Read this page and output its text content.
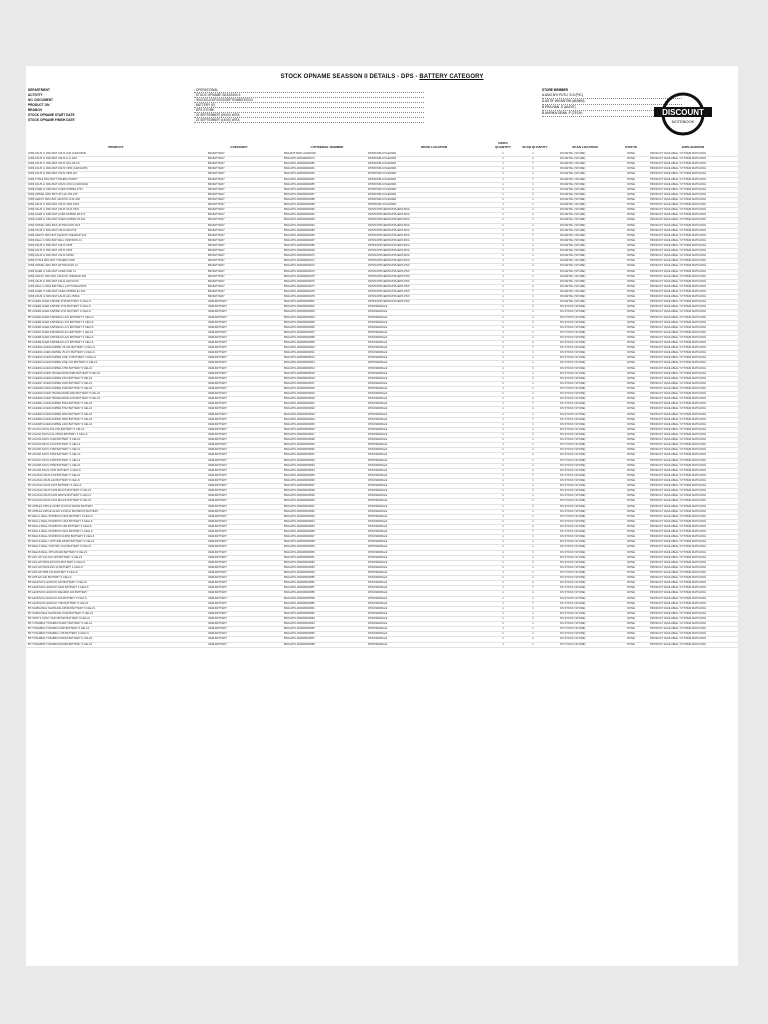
STOCK OPNAME SEASSON II DETAILS - DPS - BATTERY CATEGORY
DEPARTMENT	: OPERATIONAL
ACTIVITY	: STOCK OPNAME SEASSON II
NO. DOCUMENT	: 0002/SO-II/DPS/SO/SEPTEMBER/2024
PRODUCT ON	: BATTERY (E)
BRANCH	: DPS STORE
STOCK OPNAME START DATE	: 23 SEPTEMBER (09:00) WITA
STOCK OPNAME FINISH DATE	: 23 SEPTEMBER (15:00) WITA
STORE MEMBER
A.ANG.NYI PUTU .S.S (PIC)
A.ASTIF WIYANTINI (ADMIN)
B.PRA.NAN .S (AUDIT)
B.ANRIKA DEWA .P (TECH)	DISCOUNT
NOTEBOOK
PRODUCT	CATEGORY	LOT/SERIAL NUMBER	ODOO LOCATION
ODOO QUANTITY	SCAN QUANTITY	SCAN LOCATION	STATUS	EXPLANATION
[ORI] ASUS G SRG BAT ASUS G46 (A32N1506)	BR-BATTERY	BNA-BATTERY-A32N1506	DPS/DISPLAY/LEMARI	1	1	DS RETAIL (STORE)	DONE	PRODUCT AVAILABLE / SYSTEM MATCHING
[ORI] ASUS G SRG BAT ASUS G-LI-E46	BR-BATTERY	BNA-DPS-000000000974	DPS/DISPLAY/LEMARI	1	1	DS RETAIL (STORE)	DONE	PRODUCT AVAILABLE / SYSTEM MATCHING
[ORI] ASUS G SRG BAT ASUS G51-N6 AC	BR-BATTERY	BNA-DPS-000000000952	DPS/DISPLAY/LEMARI	1	1	DS RETAIL (STORE)	DONE	PRODUCT AVAILABLE / SYSTEM MATCHING
[ORI] ASUS G SRG BAT ASUS X450 (A32N1405)	BR-BATTERY	BNA-DPS-000000000961	DPS/DISPLAY/LEMARI	1	1	DS RETAIL (STORE)	DONE	PRODUCT AVAILABLE / SYSTEM MATCHING
[ORI] ASUS G SRG BAT ASUS X550 A/C	BR-BATTERY	BNA-DPS-000000000953	DPS/DISPLAY/LEMARI	1	1	DS RETAIL (STORE)	DONE	PRODUCT AVAILABLE / SYSTEM MATCHING
[ORI] TOSHI SRG BAT TOSHIBA PA3817	BR-BATTERY	BNA-DPS-000000000954	DPS/DISPLAY/LEMARI	1	1	DS RETAIL (STORE)	DONE	PRODUCT AVAILABLE / SYSTEM MATCHING
[ORI] ASUS G SRG BAT ASUS UX31 (C41N1602)	BR-BATTERY	BNA-DPS-000000000955	DPS/DISPLAY/LEMARI	1	1	DS RETAIL (STORE)	DONE	PRODUCT AVAILABLE / SYSTEM MATCHING
[ORI] ACER G SRG BAT ACER ASPIRE 4741	BR-BATTERY	BNA-DPS-000000000956	DPS/DISPLAY/LEMARI	1	1	DS RETAIL (STORE)	DONE	PRODUCT AVAILABLE / SYSTEM MATCHING
[ORI] HP/DEL SRG BAT HP 14A 15A 245	BR-BATTERY	BNA-DPS-000000000957	DPS/DISPLAY/LEMARI	1	1	DS RETAIL (STORE)	DONE	PRODUCT AVAILABLE / SYSTEM MATCHING
[ORI] LENOV SRG BAT LENOVO G40 G50	BR-BATTERY	BNA-DPS-000000000958	DPS/DISPLAY/LEMARI	1	1	DS RETAIL (STORE)	DONE	PRODUCT AVAILABLE / SYSTEM MATCHING
[ORI] ASUS G SRG BAT ASUS X200 X201	BR-BATTERY	BNA-DPS-000000000959	DPS/DISPLAY/LEMARI	1	1	DS RETAIL (STORE)	DONE	PRODUCT AVAILABLE / SYSTEM MATCHING
[ORI] ASUS G SRG BAT ASUS X441 X541	BR-BATTERY	BNA-DPS-000000000960	DPS/SUPPLIER/SUPPLIERS BUA	1	1	DS RETAIL (STORE)	DONE	PRODUCT AVAILABLE / SYSTEM MATCHING
[ORI] ACER G SRG BAT ACER ASPIRE E5-471	BR-BATTERY	BNA-DPS-000000000962	DPS/SUPPLIER/SUPPLIERS BUA	1	1	DS RETAIL (STORE)	DONE	PRODUCT AVAILABLE / SYSTEM MATCHING
[ORI] ACER G SRG BAT ACER ASPIRE V5-431	BR-BATTERY	BNA-DPS-000000000963	DPS/SUPPLIER/SUPPLIERS BUA	1	1	DS RETAIL (STORE)	DONE	PRODUCT AVAILABLE / SYSTEM MATCHING
[ORI] HP/DEL SRG BAT HP PAVILION DV4	BR-BATTERY	BNA-DPS-000000000964	DPS/SUPPLIER/SUPPLIERS BUA	1	1	DS RETAIL (STORE)	DONE	PRODUCT AVAILABLE / SYSTEM MATCHING
[ORI] ASUS G SRG BAT ASUS A32-K53	BR-BATTERY	BNA-DPS-000000000965	DPS/SUPPLIER/SUPPLIERS BUA	1	1	DS RETAIL (STORE)	DONE	PRODUCT AVAILABLE / SYSTEM MATCHING
[ORI] LENOV SRG BAT LENOVO IDEAPAD S10	BR-BATTERY	BNA-DPS-000000000966	DPS/SUPPLIER/SUPPLIERS BUA	1	1	DS RETAIL (STORE)	DONE	PRODUCT AVAILABLE / SYSTEM MATCHING
[ORI] DELL G SRG BAT DELL INSPIRON 14	BR-BATTERY	BNA-DPS-000000000967	DPS/SUPPLIER/SUPPLIERS BUA	1	1	DS RETAIL (STORE)	DONE	PRODUCT AVAILABLE / SYSTEM MATCHING
[ORI] ASUS G SRG BAT ASUS X455	BR-BATTERY	BNA-DPS-000000000968	DPS/SUPPLIER/SUPPLIERS BUA	1	1	DS RETAIL (STORE)	DONE	PRODUCT AVAILABLE / SYSTEM MATCHING
[ORI] ASUS G SRG BAT ASUS X453	BR-BATTERY	BNA-DPS-000000000969	DPS/SUPPLIER/SUPPLIERS BUA	1	1	DS RETAIL (STORE)	DONE	PRODUCT AVAILABLE / SYSTEM MATCHING
[ORI] ASUS G SRG BAT ASUS X450C	BR-BATTERY	BNA-DPS-000000000970	DPS/SUPPLIER/SUPPLIERS BUA	1	1	DS RETAIL (STORE)	DONE	PRODUCT AVAILABLE / SYSTEM MATCHING
[ORI] TOSHI SRG BAT TOSHIBA C600	BR-BATTERY	BNA-DPS-000000000971	DPS/SUPPLIER/SUPPLIERS BUA	1	1	DS RETAIL (STORE)	DONE	PRODUCT AVAILABLE / SYSTEM MATCHING
[ORI] HP/DEL SRG BAT HP PAVILION 14	BR-BATTERY	BNA-DPS-000000000972	DPS/SUPPLIER/SUPPLIERS PNX	1	1	DS RETAIL (STORE)	DONE	PRODUCT AVAILABLE / SYSTEM MATCHING
[ORI] ACER G SRG BAT ACER ONE 14	BR-BATTERY	BNA-DPS-000000000973	DPS/SUPPLIER/SUPPLIERS PNX	1	1	DS RETAIL (STORE)	DONE	PRODUCT AVAILABLE / SYSTEM MATCHING
[ORI] LENOV SRG BAT LENOVO IDEAPAD 320	BR-BATTERY	BNA-DPS-000000000975	DPS/SUPPLIER/SUPPLIERS PNX	1	1	DS RETAIL (STORE)	DONE	PRODUCT AVAILABLE / SYSTEM MATCHING
[ORI] ASUS G SRG BAT ASUS A31N1319	BR-BATTERY	BNA-DPS-000000000976	DPS/SUPPLIER/SUPPLIERS PNX	1	1	DS RETAIL (STORE)	DONE	PRODUCT AVAILABLE / SYSTEM MATCHING
[ORI] DELL G SRG BAT DELL LATITUDE E5440	BR-BATTERY	BNA-DPS-000000000977	DPS/SUPPLIER/SUPPLIERS PNX	1	1	DS RETAIL (STORE)	DONE	PRODUCT AVAILABLE / SYSTEM MATCHING
[ORI] ACER G SRG BAT ACER ASPIRE E1-431	BR-BATTERY	BNA-DPS-000000000978	DPS/SUPPLIER/SUPPLIERS PNX	1	1	DS RETAIL (STORE)	DONE	PRODUCT AVAILABLE / SYSTEM MATCHING
[ORI] ASUS G SRG BAT ASUS A41-X550A	BR-BATTERY	BNA-DPS-000000000979	DPS/SUPPLIER/SUPPLIERS PNX	1	1	DS RETAIL (STORE)	DONE	PRODUCT AVAILABLE / SYSTEM MATCHING
BT-ACER1 ACER ASPIRE 4738 BATTERY 6 CELLS	OEM-BATTERY	BNA-DPS-000000000801	DPS/SUPPLIER/SUPPLIERS PNX	1	1	DS RETAIL (STORE)	DONE	PRODUCT AVAILABLE / SYSTEM MATCHING
BT-ACER2 ACER ASPIRE 4740 BATTERY 6 CELLS	OEM-BATTERY	BNA-DPS-000000000802	DPS/OEM/Rack	1	1	DS STOCK (STORE)	DONE	PRODUCT AVAILABLE / SYSTEM MATCHING
BT-ACER3 ACER ASPIRE 4741 BATTERY 6 CELLS	OEM-BATTERY	BNA-DPS-000000000803	DPS/OEM/Rack	1	1	DS STOCK (STORE)	DONE	PRODUCT AVAILABLE / SYSTEM MATCHING
BT-ACER4 ACER ASPIRE E1-421 BATTERY 6 CELLS	OEM-BATTERY	BNA-DPS-000000000804	DPS/OEM/Rack	1	1	DS STOCK (STORE)	DONE	PRODUCT AVAILABLE / SYSTEM MATCHING
BT-ACER5 ACER ASPIRE E1-431 BATTERY 6 CELLS	OEM-BATTERY	BNA-DPS-000000000805	DPS/OEM/Rack	1	1	DS STOCK (STORE)	DONE	PRODUCT AVAILABLE / SYSTEM MATCHING
BT-ACER6 ACER ASPIRE E1-471 BATTERY 6 CELLS	OEM-BATTERY	BNA-DPS-000000000806	DPS/OEM/Rack	1	1	DS STOCK (STORE)	DONE	PRODUCT AVAILABLE / SYSTEM MATCHING
BT-ACER7 ACER ASPIRE E5-411 BATTERY 4 CELLS	OEM-BATTERY	BNA-DPS-000000000807	DPS/OEM/Rack	1	1	DS STOCK (STORE)	DONE	PRODUCT AVAILABLE / SYSTEM MATCHING
BT-ACER8 ACER ASPIRE E5-421 BATTERY 6 CELLS	OEM-BATTERY	BNA-DPS-000000000808	DPS/OEM/Rack	1	1	DS STOCK (STORE)	DONE	PRODUCT AVAILABLE / SYSTEM MATCHING
BT-ACER9 ACER ASPIRE E5-471 BATTERY 6 CELLS	OEM-BATTERY	BNA-DPS-000000000809	DPS/OEM/Rack	1	1	DS STOCK (STORE)	DONE	PRODUCT AVAILABLE / SYSTEM MATCHING
BT-ACER10 ACER ASPIRE V5-431 BATTERY 4 CELLS	OEM-BATTERY	BNA-DPS-000000000810	DPS/OEM/Rack	1	1	DS STOCK (STORE)	DONE	PRODUCT AVAILABLE / SYSTEM MATCHING
BT-ACER11 ACER ASPIRE V5-471 BATTERY 4 CELLS	OEM-BATTERY	BNA-DPS-000000000811	DPS/OEM/Rack	1	1	DS STOCK (STORE)	DONE	PRODUCT AVAILABLE / SYSTEM MATCHING
BT-ACER12 ACER ASPIRE ONE 14 BATTERY 3 CELLS	OEM-BATTERY	BNA-DPS-000000000812	DPS/OEM/Rack	1	1	DS STOCK (STORE)	DONE	PRODUCT AVAILABLE / SYSTEM MATCHING
BT-ACER13 ACER ASPIRE ONE 722 BATTERY 6 CELLS	OEM-BATTERY	BNA-DPS-000000000813	DPS/OEM/Rack	1	1	DS STOCK (STORE)	DONE	PRODUCT AVAILABLE / SYSTEM MATCHING
BT-ACER14 ACER ASPIRE 4750 BATTERY 6 CELLS	OEM-BATTERY	BNA-DPS-000000000814	DPS/OEM/Rack	1	1	DS STOCK (STORE)	DONE	PRODUCT AVAILABLE / SYSTEM MATCHING
BT-ACER15 ACER TRAVELMATE 8481 BATTERY 6 CELLS	OEM-BATTERY	BNA-DPS-000000000815	DPS/OEM/Rack	1	1	DS STOCK (STORE)	DONE	PRODUCT AVAILABLE / SYSTEM MATCHING
BT-ACER16 ACER ASPIRE 4310 BATTERY 6 CELLS	OEM-BATTERY	BNA-DPS-000000000816	DPS/OEM/Rack	1	1	DS STOCK (STORE)	DONE	PRODUCT AVAILABLE / SYSTEM MATCHING
BT-ACER17 ACER ASPIRE 4530 BATTERY 6 CELLS	OEM-BATTERY	BNA-DPS-000000000817	DPS/OEM/Rack	1	1	DS STOCK (STORE)	DONE	PRODUCT AVAILABLE / SYSTEM MATCHING
BT-ACER18 ACER ASPIRE 4920 BATTERY 6 CELLS	OEM-BATTERY	BNA-DPS-000000000818	DPS/OEM/Rack	1	1	DS STOCK (STORE)	DONE	PRODUCT AVAILABLE / SYSTEM MATCHING
BT-ACER19 ACER TRAVELMATE 4000 BATTERY 6 CELLS	OEM-BATTERY	BNA-DPS-000000000819	DPS/OEM/Rack	1	1	DS STOCK (STORE)	DONE	PRODUCT AVAILABLE / SYSTEM MATCHING
BT-ACER20 ACER TRAVELMATE 4720 BATTERY 6 CELLS	OEM-BATTERY	BNA-DPS-000000000820	DPS/OEM/Rack	1	1	DS STOCK (STORE)	DONE	PRODUCT AVAILABLE / SYSTEM MATCHING
BT-ACER21 ACER ASPIRE 5532 BATTERY 6 CELLS	OEM-BATTERY	BNA-DPS-000000000821	DPS/OEM/Rack	1	1	DS STOCK (STORE)	DONE	PRODUCT AVAILABLE / SYSTEM MATCHING
BT-ACER22 ACER ASPIRE 5742 BATTERY 6 CELLS	OEM-BATTERY	BNA-DPS-000000000822	DPS/OEM/Rack	1	1	DS STOCK (STORE)	DONE	PRODUCT AVAILABLE / SYSTEM MATCHING
BT-ACER23 ACER ASPIRE 3820 BATTERY 6 CELLS	OEM-BATTERY	BNA-DPS-000000000823	DPS/OEM/Rack	1	1	DS STOCK (STORE)	DONE	PRODUCT AVAILABLE / SYSTEM MATCHING
BT-ACER24 ACER ASPIRE 3830 BATTERY 6 CELLS	OEM-BATTERY	BNA-DPS-000000000824	DPS/OEM/Rack	1	1	DS STOCK (STORE)	DONE	PRODUCT AVAILABLE / SYSTEM MATCHING
BT-ACER25 ACER ASPIRE 1410 BATTERY 6 CELLS	OEM-BATTERY	BNA-DPS-000000000825	DPS/OEM/Rack	1	1	DS STOCK (STORE)	DONE	PRODUCT AVAILABLE / SYSTEM MATCHING
BT-ASUS1 ASUS A32-K53 BATTERY 6 CELLS	OEM-BATTERY	BNA-DPS-000000000826	DPS/OEM/Rack	1	1	DS STOCK (STORE)	DONE	PRODUCT AVAILABLE / SYSTEM MATCHING
BT-ASUS2 ASUS A41-X550A BATTERY 4 CELLS	OEM-BATTERY	BNA-DPS-000000000827	DPS/OEM/Rack	1	1	DS STOCK (STORE)	DONE	PRODUCT AVAILABLE / SYSTEM MATCHING
BT-ASUS3 ASUS X200 BATTERY 3 CELLS	OEM-BATTERY	BNA-DPS-000000000828	DPS/OEM/Rack	1	1	DS STOCK (STORE)	DONE	PRODUCT AVAILABLE / SYSTEM MATCHING
BT-ASUS4 ASUS X441 BATTERY 3 CELLS	OEM-BATTERY	BNA-DPS-000000000829	DPS/OEM/Rack	1	1	DS STOCK (STORE)	DONE	PRODUCT AVAILABLE / SYSTEM MATCHING
BT-ASUS5 ASUS X450 BATTERY 4 CELLS	OEM-BATTERY	BNA-DPS-000000000830	DPS/OEM/Rack	1	1	DS STOCK (STORE)	DONE	PRODUCT AVAILABLE / SYSTEM MATCHING
BT-ASUS6 ASUS X453 BATTERY 3 CELLS	OEM-BATTERY	BNA-DPS-000000000831	DPS/OEM/Rack	1	1	DS STOCK (STORE)	DONE	PRODUCT AVAILABLE / SYSTEM MATCHING
BT-ASUS7 ASUS X455 BATTERY 4 CELLS	OEM-BATTERY	BNA-DPS-000000000832	DPS/OEM/Rack	1	1	DS STOCK (STORE)	DONE	PRODUCT AVAILABLE / SYSTEM MATCHING
BT-ASUS8 ASUS X550 BATTERY 4 CELLS	OEM-BATTERY	BNA-DPS-000000000833	DPS/OEM/Rack	1	1	DS STOCK (STORE)	DONE	PRODUCT AVAILABLE / SYSTEM MATCHING
BT-ASUS9 ASUS UX31 BATTERY 4 CELLS	OEM-BATTERY	BNA-DPS-000000000834	DPS/OEM/Rack	1	1	DS STOCK (STORE)	DONE	PRODUCT AVAILABLE / SYSTEM MATCHING
BT-ASUS10 ASUS K43 BATTERY 6 CELLS	OEM-BATTERY	BNA-DPS-000000000835	DPS/OEM/Rack	1	1	DS STOCK (STORE)	DONE	PRODUCT AVAILABLE / SYSTEM MATCHING
BT-ASUS11 ASUS A43 BATTERY 6 CELLS	OEM-BATTERY	BNA-DPS-000000000836	DPS/OEM/Rack	1	1	DS STOCK (STORE)	DONE	PRODUCT AVAILABLE / SYSTEM MATCHING
BT-ASUS12 ASUS 1015 BATTERY 6 CELLS	OEM-BATTERY	BNA-DPS-000000000837	DPS/OEM/Rack	1	1	DS STOCK (STORE)	DONE	PRODUCT AVAILABLE / SYSTEM MATCHING
BT-ASUS13 ASUS 1025 BLACK BATTERY 6 CELLS	OEM-BATTERY	BNA-DPS-000000000838	DPS/OEM/Rack	1	1	DS STOCK (STORE)	DONE	PRODUCT AVAILABLE / SYSTEM MATCHING
BT-ASUS14 ASUS 1025 WHITE BATTERY 6 CELLS	OEM-BATTERY	BNA-DPS-000000000839	DPS/OEM/Rack	1	1	DS STOCK (STORE)	DONE	PRODUCT AVAILABLE / SYSTEM MATCHING
BT-ASUS15 ASUS 1215 BLACK BATTERY 6 CELLS	OEM-BATTERY	BNA-DPS-000000000840	DPS/OEM/Rack	1	1	DS STOCK (STORE)	DONE	PRODUCT AVAILABLE / SYSTEM MATCHING
BT-APPLE1 APPLE A1185 13 INCH WHITE BATTERY	OEM-BATTERY	BNA-DPS-000000000841	DPS/OEM/Rack	1	1	DS STOCK (STORE)	DONE	PRODUCT AVAILABLE / SYSTEM MATCHING
BT-APPLE2 APPLE A1322 13 INCH MACBOOK BATTERY	OEM-BATTERY	BNA-DPS-000000000842	DPS/OEM/Rack	1	1	DS STOCK (STORE)	DONE	PRODUCT AVAILABLE / SYSTEM MATCHING
BT-DELL1 DELL INSPIRON 1420 BATTERY 6 CELLS	OEM-BATTERY	BNA-DPS-000000000843	DPS/OEM/Rack	1	1	DS STOCK (STORE)	DONE	PRODUCT AVAILABLE / SYSTEM MATCHING
BT-DELL2 DELL INSPIRON 1464 BATTERY 6 CELLS	OEM-BATTERY	BNA-DPS-000000000844	DPS/OEM/Rack	1	1	DS STOCK (STORE)	DONE	PRODUCT AVAILABLE / SYSTEM MATCHING
BT-DELL3 DELL INSPIRON 14R BATTERY 6 CELLS	OEM-BATTERY	BNA-DPS-000000000845	DPS/OEM/Rack	1	1	DS STOCK (STORE)	DONE	PRODUCT AVAILABLE / SYSTEM MATCHING
BT-DELL4 DELL INSPIRON 3421 BATTERY 4 CELLS	OEM-BATTERY	BNA-DPS-000000000846	DPS/OEM/Rack	1	1	DS STOCK (STORE)	DONE	PRODUCT AVAILABLE / SYSTEM MATCHING
BT-DELL5 DELL INSPIRON N4050 BATTERY 6 CELLS	OEM-BATTERY	BNA-DPS-000000000847	DPS/OEM/Rack	1	1	DS STOCK (STORE)	DONE	PRODUCT AVAILABLE / SYSTEM MATCHING
BT-DELL6 DELL LATITUDE E5440 BATTERY 6 CELLS	OEM-BATTERY	BNA-DPS-000000000848	DPS/OEM/Rack	1	1	DS STOCK (STORE)	DONE	PRODUCT AVAILABLE / SYSTEM MATCHING
BT-DELL7 DELL VOSTRO 1014 BATTERY 6 CELLS	OEM-BATTERY	BNA-DPS-000000000849	DPS/OEM/Rack	1	1	DS STOCK (STORE)	DONE	PRODUCT AVAILABLE / SYSTEM MATCHING
BT-DELL8 DELL XPS M1330 BATTERY 6 CELLS	OEM-BATTERY	BNA-DPS-000000000850	DPS/OEM/Rack	1	1	DS STOCK (STORE)	DONE	PRODUCT AVAILABLE / SYSTEM MATCHING
BT-HP1 HP 14A 15A 245 BATTERY 4 CELLS	OEM-BATTERY	BNA-DPS-000000000851	DPS/OEM/Rack	1	1	DS STOCK (STORE)	DONE	PRODUCT AVAILABLE / SYSTEM MATCHING
BT-HP2 HP PAVILION DV4 BATTERY 6 CELLS	OEM-BATTERY	BNA-DPS-000000000852	DPS/OEM/Rack	1	1	DS STOCK (STORE)	DONE	PRODUCT AVAILABLE / SYSTEM MATCHING
BT-HP3 HP PAVILION 14 BATTERY 4 CELLS	OEM-BATTERY	BNA-DPS-000000000853	DPS/OEM/Rack	1	1	DS STOCK (STORE)	DONE	PRODUCT AVAILABLE / SYSTEM MATCHING
BT-HP4 HP MINI 110 BATTERY 6 CELLS	OEM-BATTERY	BNA-DPS-000000000854	DPS/OEM/Rack	1	1	DS STOCK (STORE)	DONE	PRODUCT AVAILABLE / SYSTEM MATCHING
BT-HP5 HP 430 BATTERY 6 CELLS	OEM-BATTERY	BNA-DPS-000000000855	DPS/OEM/Rack	1	1	DS STOCK (STORE)	DONE	PRODUCT AVAILABLE / SYSTEM MATCHING
BT-LENOVO1 LENOVO G40 BATTERY 4 CELLS	OEM-BATTERY	BNA-DPS-000000000856	DPS/OEM/Rack	1	1	DS STOCK (STORE)	DONE	PRODUCT AVAILABLE / SYSTEM MATCHING
BT-LENOVO2 LENOVO G460 BATTERY 6 CELLS	OEM-BATTERY	BNA-DPS-000000000857	DPS/OEM/Rack	1	1	DS STOCK (STORE)	DONE	PRODUCT AVAILABLE / SYSTEM MATCHING
BT-LENOVO3 LENOVO IDEAPAD 320 BATTERY	OEM-BATTERY	BNA-DPS-000000000858	DPS/OEM/Rack	1	1	DS STOCK (STORE)	DONE	PRODUCT AVAILABLE / SYSTEM MATCHING
BT-LENOVO4 LENOVO S10 BATTERY 6 CELLS	OEM-BATTERY	BNA-DPS-000000000859	DPS/OEM/Rack	1	1	DS STOCK (STORE)	DONE	PRODUCT AVAILABLE / SYSTEM MATCHING
BT-LENOVO5 LENOVO Y450 BATTERY 6 CELLS	OEM-BATTERY	BNA-DPS-000000000860	DPS/OEM/Rack	1	1	DS STOCK (STORE)	DONE	PRODUCT AVAILABLE / SYSTEM MATCHING
BT-SAMSUNG1 SAMSUNG NP300 BATTERY 6 CELLS	OEM-BATTERY	BNA-DPS-000000000861	DPS/OEM/Rack	1	1	DS STOCK (STORE)	DONE	PRODUCT AVAILABLE / SYSTEM MATCHING
BT-SAMSUNG2 SAMSUNG N148 BATTERY 6 CELLS	OEM-BATTERY	BNA-DPS-000000000862	DPS/OEM/Rack	1	1	DS STOCK (STORE)	DONE	PRODUCT AVAILABLE / SYSTEM MATCHING
BT-SONY1 SONY VAIO BPS26 BATTERY 6 CELLS	OEM-BATTERY	BNA-DPS-000000000863	DPS/OEM/Rack	1	1	DS STOCK (STORE)	DONE	PRODUCT AVAILABLE / SYSTEM MATCHING
BT-TOSHIBA1 TOSHIBA PA3817 BATTERY 6 CELLS	OEM-BATTERY	BNA-DPS-000000000864	DPS/OEM/Rack	1	1	DS STOCK (STORE)	DONE	PRODUCT AVAILABLE / SYSTEM MATCHING
BT-TOSHIBA2 TOSHIBA C600 BATTERY 6 CELLS	OEM-BATTERY	BNA-DPS-000000000865	DPS/OEM/Rack	1	1	DS STOCK (STORE)	DONE	PRODUCT AVAILABLE / SYSTEM MATCHING
BT-TOSHIBA3 TOSHIBA L745 BATTERY 6 CELLS	OEM-BATTERY	BNA-DPS-000000000866	DPS/OEM/Rack	1	1	DS STOCK (STORE)	DONE	PRODUCT AVAILABLE / SYSTEM MATCHING
BT-TOSHIBA4 TOSHIBA PA5024 BATTERY 6 CELLS	OEM-BATTERY	BNA-DPS-000000000867	DPS/OEM/Rack	1	1	DS STOCK (STORE)	DONE	PRODUCT AVAILABLE / SYSTEM MATCHING
BT-TOSHIBA5 TOSHIBA PA5185 BATTERY 4 CELLS	OEM-BATTERY	BNA-DPS-000000000868	DPS/OEM/Rack	1	1	DS STOCK (STORE)	DONE	PRODUCT AVAILABLE / SYSTEM MATCHING
